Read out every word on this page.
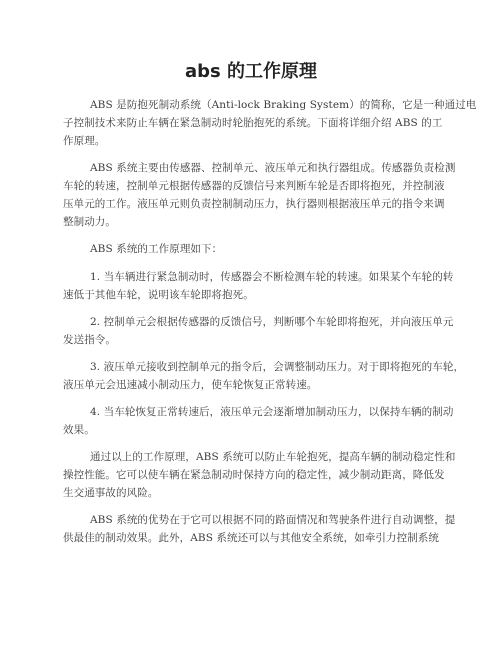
abs 的工作原理
ABS 是防抱死制动系统（Anti-lock Braking System）的简称，它是一种通过电
子控制技术来防止车辆在紧急制动时轮胎抱死的系统。下面将详细介绍 ABS 的工
作原理。
ABS 系统主要由传感器、控制单元、液压单元和执行器组成。传感器负责检测
车轮的转速，控制单元根据传感器的反馈信号来判断车轮是否即将抱死，并控制液
压单元的工作。液压单元则负责控制制动压力，执行器则根据液压单元的指令来调
整制动力。
ABS 系统的工作原理如下：
1. 当车辆进行紧急制动时，传感器会不断检测车轮的转速。如果某个车轮的转
速低于其他车轮，说明该车轮即将抱死。
2. 控制单元会根据传感器的反馈信号，判断哪个车轮即将抱死，并向液压单元
发送指令。
3. 液压单元接收到控制单元的指令后，会调整制动压力。对于即将抱死的车轮，
液压单元会迅速减小制动压力，使车轮恢复正常转速。
4. 当车轮恢复正常转速后，液压单元会逐渐增加制动压力，以保持车辆的制动
效果。
通过以上的工作原理，ABS 系统可以防止车轮抱死，提高车辆的制动稳定性和
操控性能。它可以使车辆在紧急制动时保持方向的稳定性，减少制动距离，降低发
生交通事故的风险。
ABS 系统的优势在于它可以根据不同的路面情况和驾驶条件进行自动调整，提
供最佳的制动效果。此外，ABS 系统还可以与其他安全系统，如牵引力控制系统
